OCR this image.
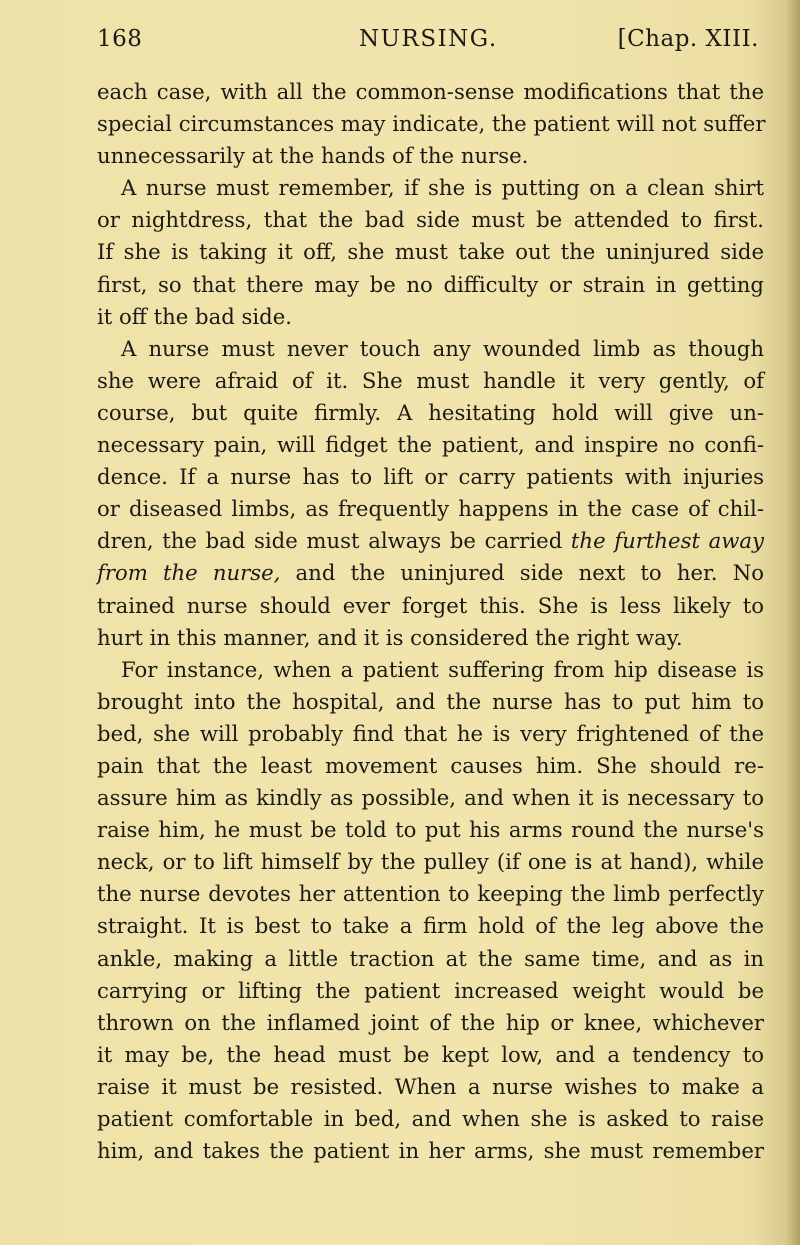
168	NURSING.	[Chap. XIII.
each case, with all the common-sense modifications that the
special circumstances may indicate, the patient will not suffer
unnecessarily at the hands of the nurse.
A nurse must remember, if she is putting on a clean shirt
or nightdress, that the bad side must be attended to first.
If she is taking it off, she must take out the uninjured side
first, so that there may be no difficulty or strain in getting
it off the bad side.
A nurse must never touch any wounded limb as though
she were afraid of it. She must handle it very gently, of
course, but quite firmly. A hesitating hold will give un-
necessary pain, will fidget the patient, and inspire no confi-
dence. If a nurse has to lift or carry patients with injuries
or diseased limbs, as frequently happens in the case of chil-
dren, the bad side must always be carried the furthest away
from the nurse, and the uninjured side next to her. No
trained nurse should ever forget this. She is less likely to
hurt in this manner, and it is considered the right way.
For instance, when a patient suffering from hip disease is
brought into the hospital, and the nurse has to put him to
bed, she will probably find that he is very frightened of the
pain that the least movement causes him. She should re-
assure him as kindly as possible, and when it is necessary to
raise him, he must be told to put his arms round the nurse's
neck, or to lift himself by the pulley (if one is at hand), while
the nurse devotes her attention to keeping the limb perfectly
straight. It is best to take a firm hold of the leg above the
ankle, making a little traction at the same time, and as in
carrying or lifting the patient increased weight would be
thrown on the inflamed joint of the hip or knee, whichever
it may be, the head must be kept low, and a tendency to
raise it must be resisted. When a nurse wishes to make a
patient comfortable in bed, and when she is asked to raise
him, and takes the patient in her arms, she must remember
